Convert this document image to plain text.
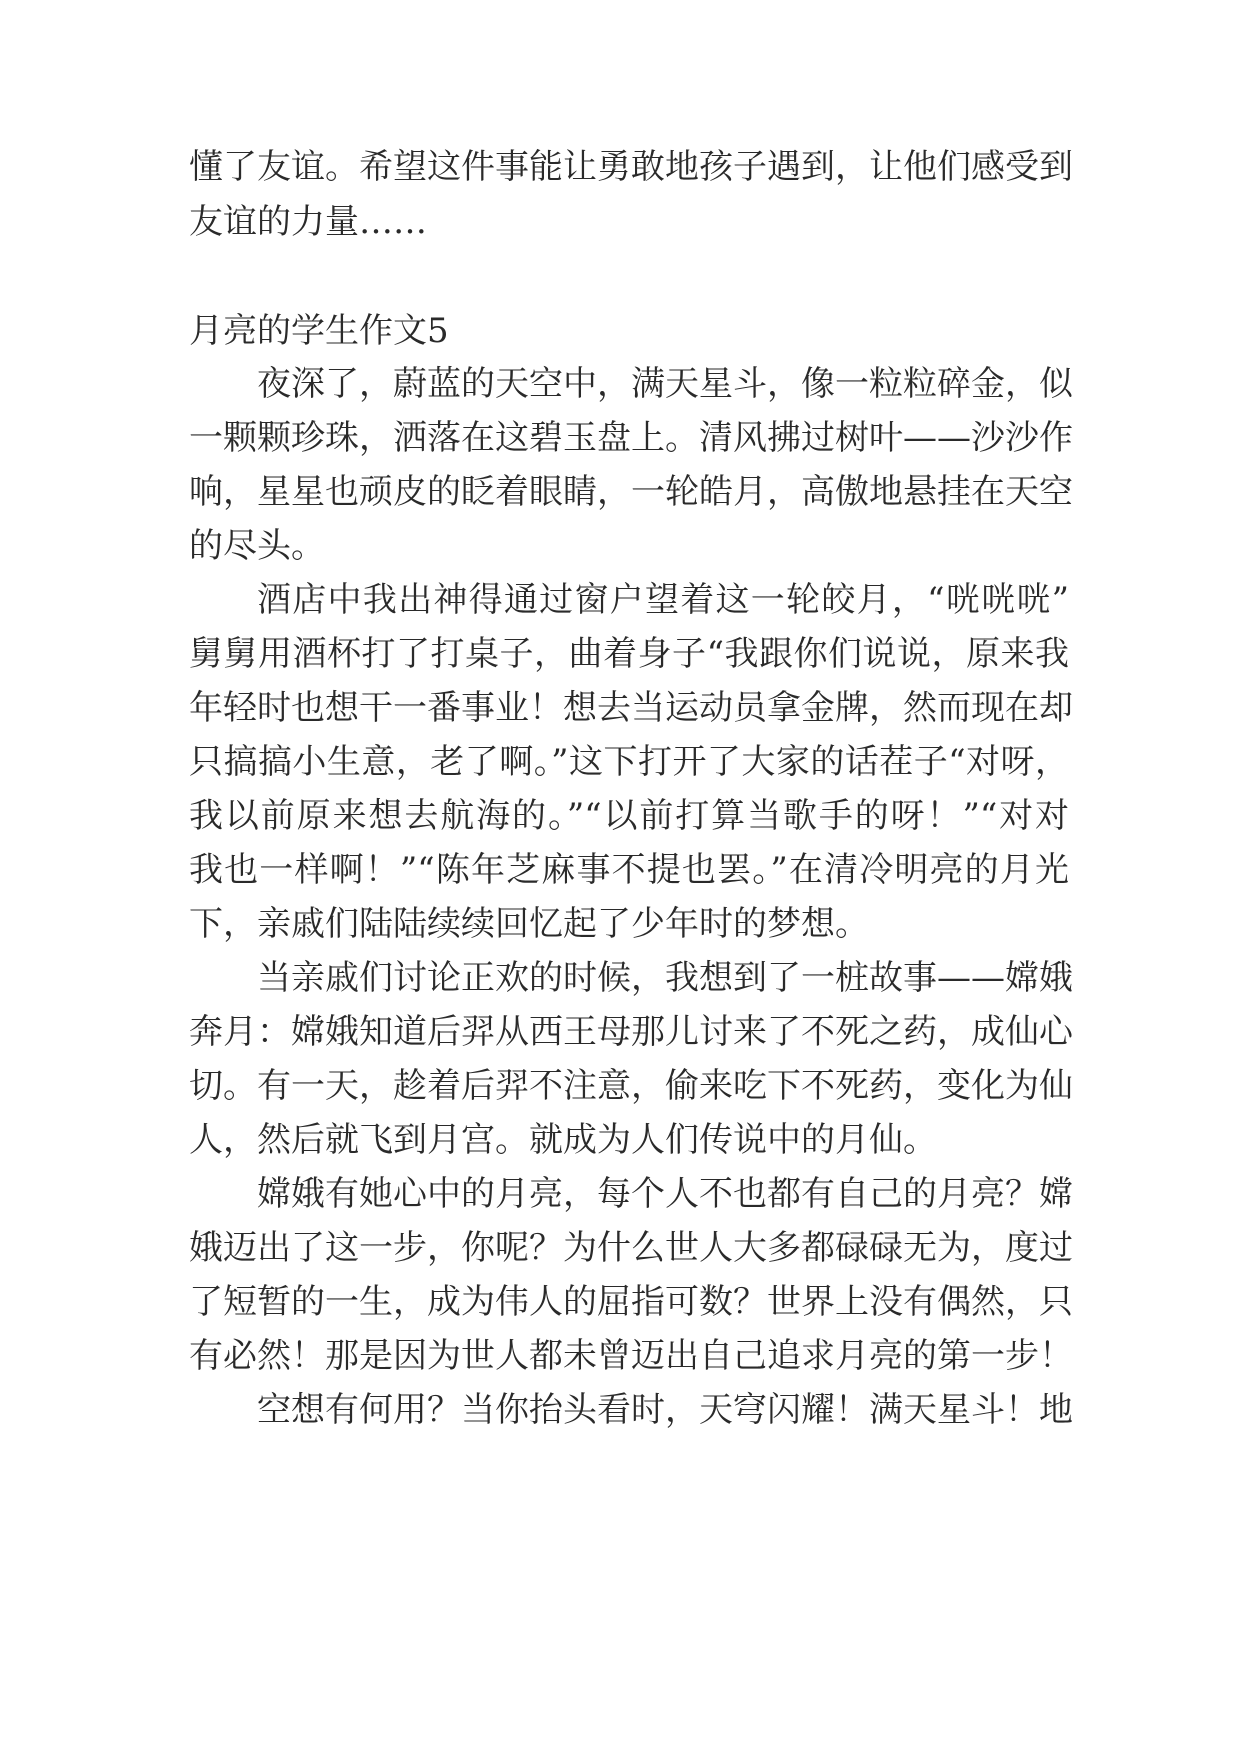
懂了友谊。希望这件事能让勇敢地孩子遇到，让他们感受到
友谊的力量……
月亮的学生作文5
夜深了，蔚蓝的天空中，满天星斗，像一粒粒碎金，似
一颗颗珍珠，洒落在这碧玉盘上。清风拂过树叶——沙沙作
响，星星也顽皮的眨着眼睛，一轮皓月，高傲地悬挂在天空
的尽头。
酒店中我出神得通过窗户望着这一轮皎月，“咣咣咣”
舅舅用酒杯打了打桌子，曲着身子“我跟你们说说，原来我
年轻时也想干一番事业！想去当运动员拿金牌，然而现在却
只搞搞小生意，老了啊。”这下打开了大家的话茬子“对呀，
我以前原来想去航海的。”“以前打算当歌手的呀！”“对对
我也一样啊！”“陈年芝麻事不提也罢。”在清冷明亮的月光
下，亲戚们陆陆续续回忆起了少年时的梦想。
当亲戚们讨论正欢的时候，我想到了一桩故事——嫦娥
奔月：嫦娥知道后羿从西王母那儿讨来了不死之药，成仙心
切。有一天，趁着后羿不注意，偷来吃下不死药，变化为仙
人，然后就飞到月宫。就成为人们传说中的月仙。
嫦娥有她心中的月亮，每个人不也都有自己的月亮？嫦
娥迈出了这一步，你呢？为什么世人大多都碌碌无为，度过
了短暂的一生，成为伟人的屈指可数？世界上没有偶然，只
有必然！那是因为世人都未曾迈出自己追求月亮的第一步！
空想有何用？当你抬头看时，天穹闪耀！满天星斗！地
